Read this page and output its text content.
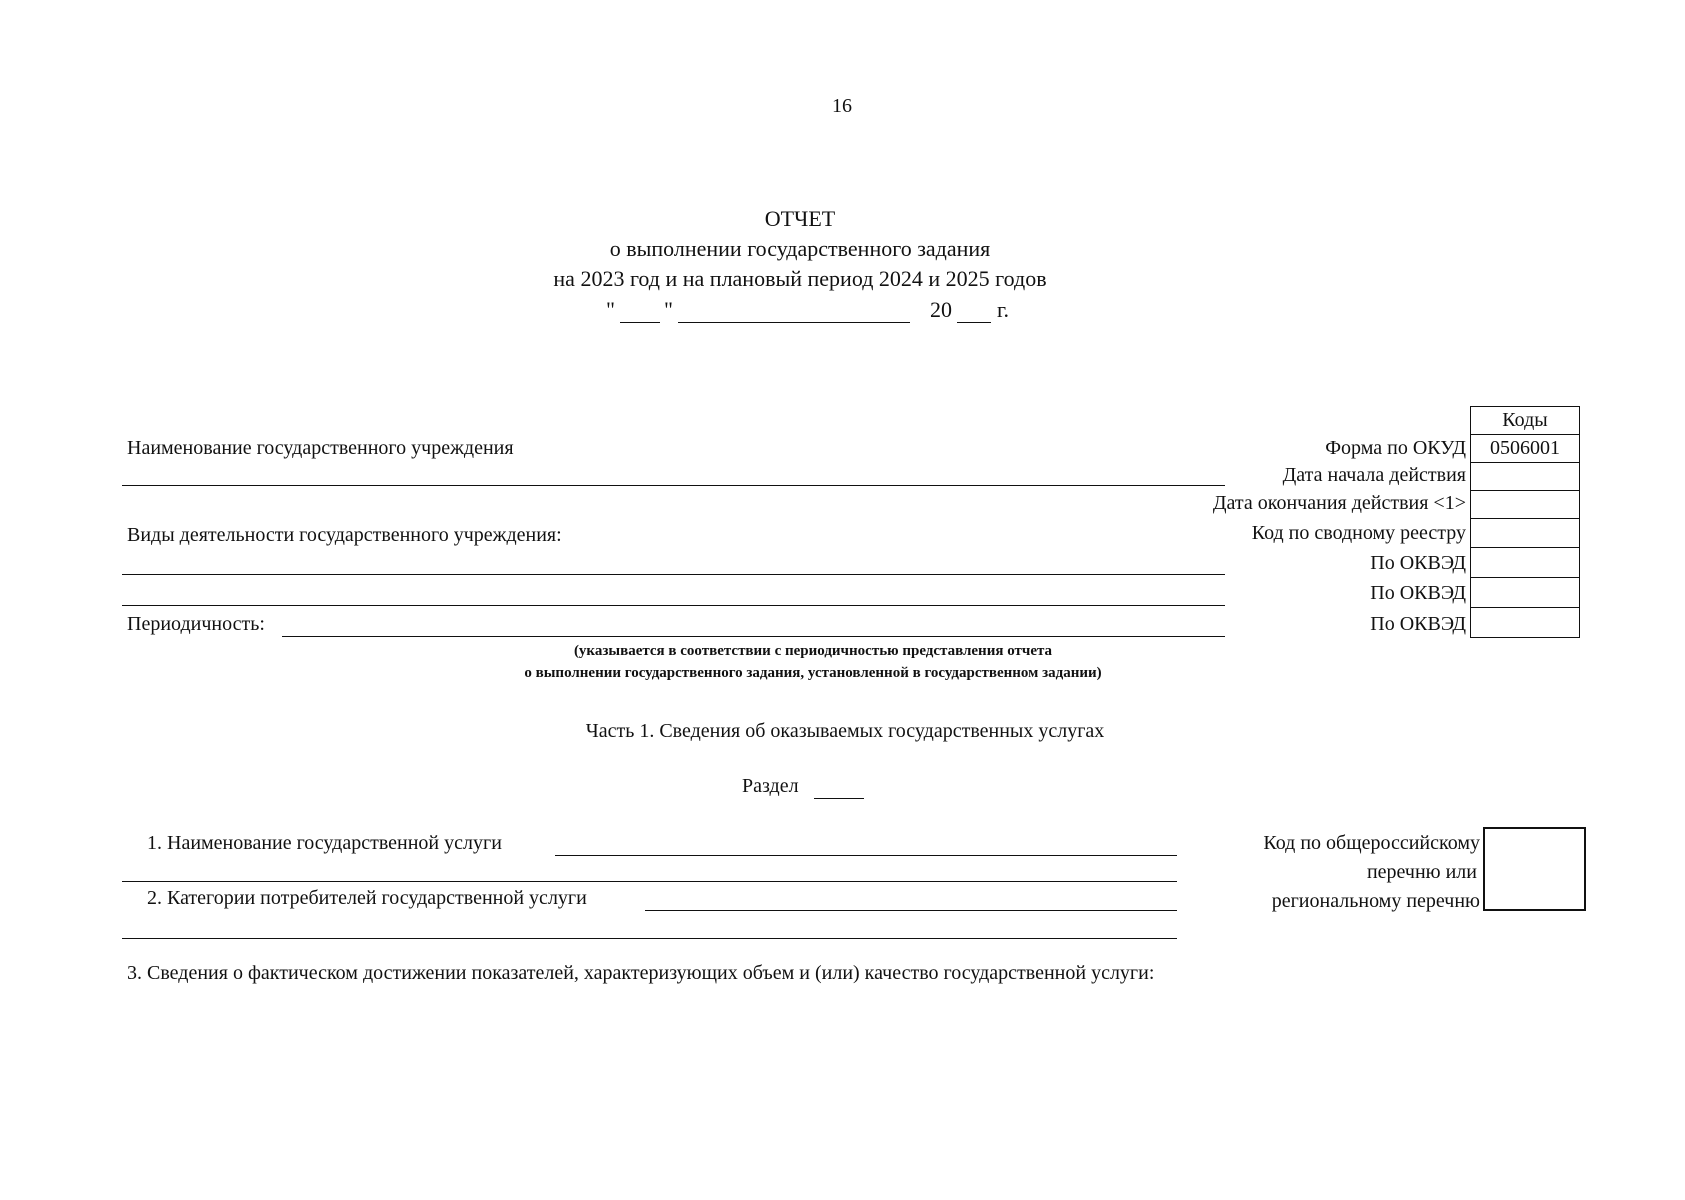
16
ОТЧЕТ
о выполнении государственного задания
на 2023 год и на плановый период 2024 и 2025 годов
" "	20 г.
Наименование государственного учреждения
Виды деятельности государственного учреждения:
Периодичность:
(указывается в соответствии с периодичностью представления отчета
о выполнении государственного задания, установленной в государственном задании)
Коды
Форма по ОКУД	0506001
Дата начала действия
Дата окончания действия <1>
Код по сводному реестру
По ОКВЭД
По ОКВЭД
По ОКВЭД
Часть 1. Сведения об оказываемых государственных услугах
Раздел
1. Наименование государственной услуги
2. Категории потребителей государственной услуги
Код по общероссийскому
перечню или
региональному перечню
3. Сведения о фактическом достижении показателей, характеризующих объем и (или) качество государственной услуги:
